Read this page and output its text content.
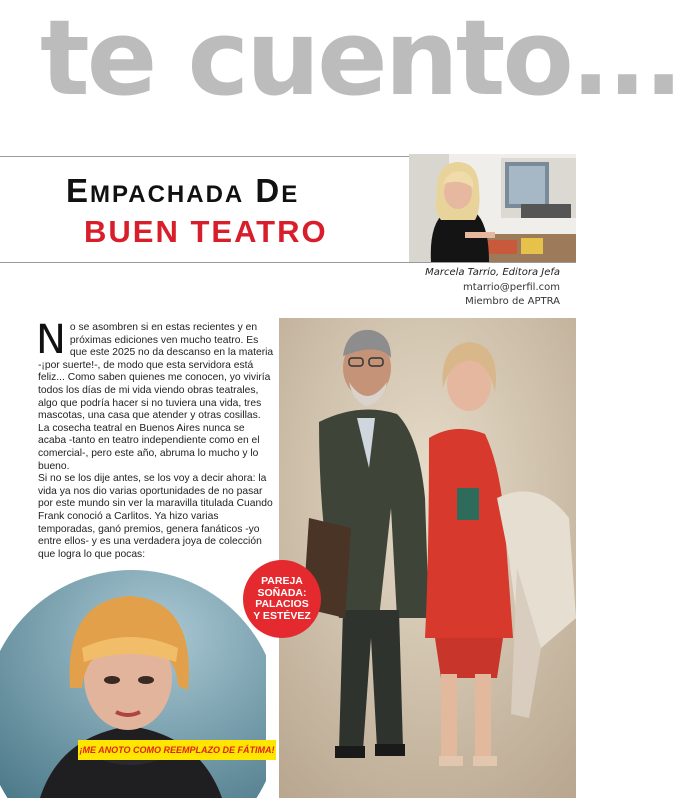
te cuento...
EMPACHADA DE
BUEN TEATRO
Marcela Tarrio, Editora Jefa
mtarrio@perfil.com
Miembro de APTRA

No se asombren si en estas recientes y en próximas ediciones ven mucho teatro. Es que este 2025 no da descanso en la materia -¡por suerte!-, de modo que esta servidora está feliz... Como saben quienes me conocen, yo viviría todos los días de mi vida viendo obras teatrales, algo que podría hacer si no tuviera una vida, tres mascotas, una casa que atender y otras cosillas.

La cosecha teatral en Buenos Aires nunca se acaba -tanto en teatro independiente como en el comercial-, pero este año, abruma lo mucho y lo bueno.

Si no se los dije antes, se los voy a decir ahora: la vida ya nos dio varias oportunidades de no pasar por este mundo sin ver la maravilla titulada Cuando Frank conoció a Carlitos. Ya hizo varias temporadas, ganó premios, genera fanáticos -yo entre ellos- y es una verdadera joya de colección que logra lo que pocas:

PAREJA
SOÑADA:
PALACIOS
Y ESTÉVEZ
¡ME ANOTO COMO REEMPLAZO DE FÁTIMA!
